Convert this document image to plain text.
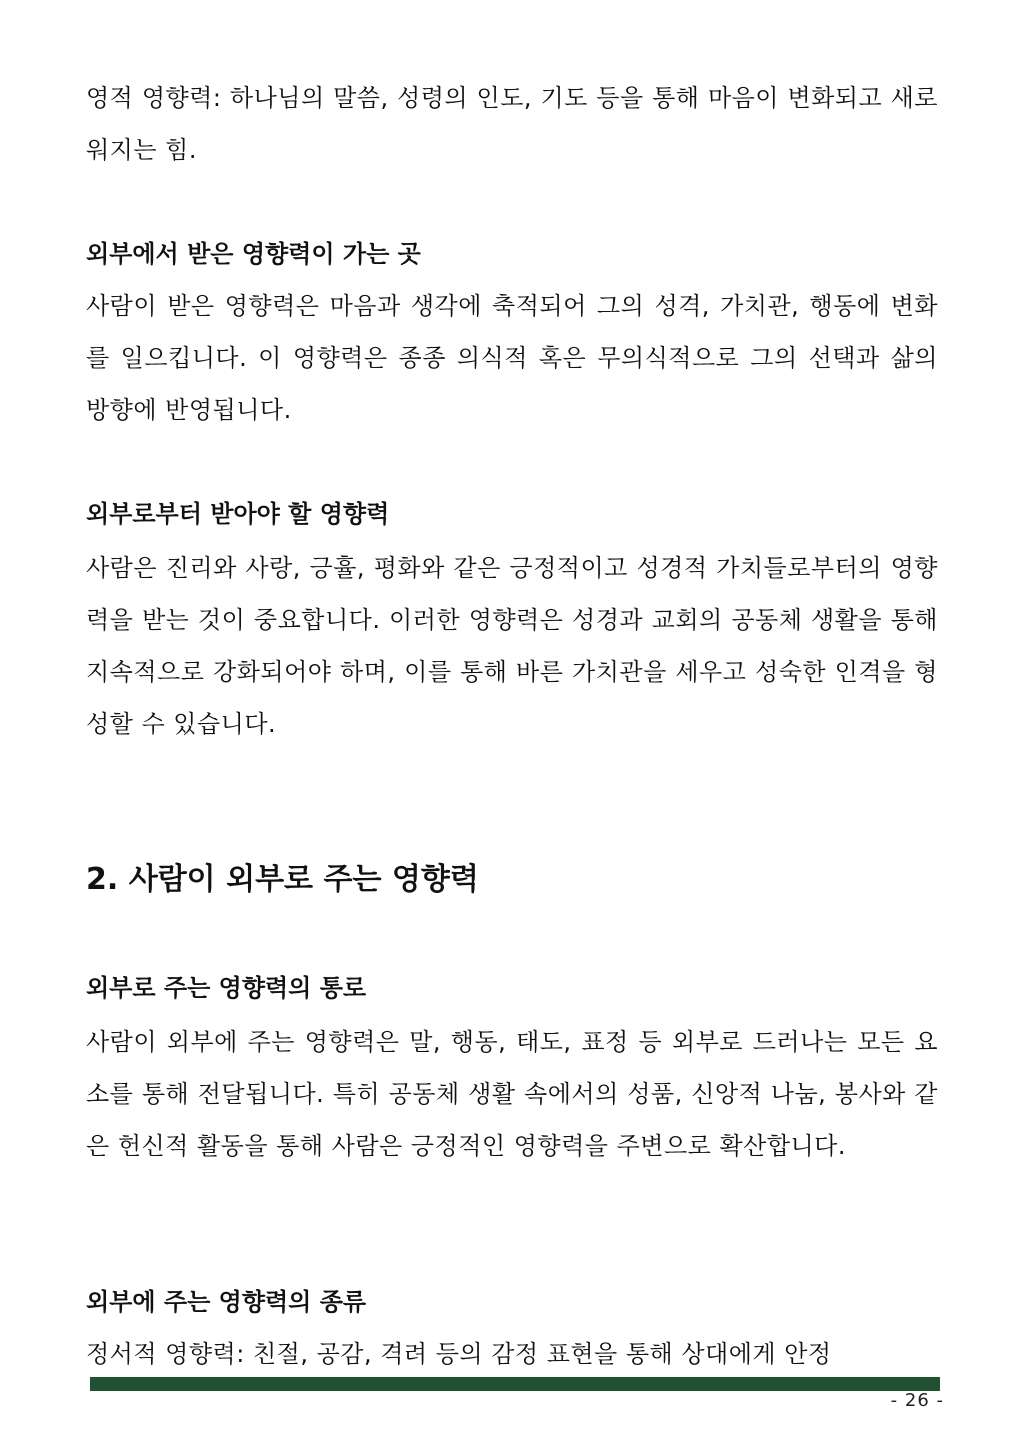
영적 영향력: 하나님의 말씀, 성령의 인도, 기도 등을 통해 마음이 변화되고 새로워지는 힘.

외부에서 받은 영향력이 가는 곳

사람이 받은 영향력은 마음과 생각에 축적되어 그의 성격, 가치관, 행동에 변화를 일으킵니다. 이 영향력은 종종 의식적 혹은 무의식적으로 그의 선택과 삶의 방향에 반영됩니다.

외부로부터 받아야 할 영향력

사람은 진리와 사랑, 긍휼, 평화와 같은 긍정적이고 성경적 가치들로부터의 영향력을 받는 것이 중요합니다. 이러한 영향력은 성경과 교회의 공동체 생활을 통해 지속적으로 강화되어야 하며, 이를 통해 바른 가치관을 세우고 성숙한 인격을 형성할 수 있습니다.

2. 사람이 외부로 주는 영향력
외부로 주는 영향력의 통로

사람이 외부에 주는 영향력은 말, 행동, 태도, 표정 등 외부로 드러나는 모든 요소를 통해 전달됩니다. 특히 공동체 생활 속에서의 성품, 신앙적 나눔, 봉사와 같은 헌신적 활동을 통해 사람은 긍정적인 영향력을 주변으로 확산합니다.

외부에 주는 영향력의 종류

정서적 영향력: 친절, 공감, 격려 등의 감정 표현을 통해 상대에게 안정

- 26 -
